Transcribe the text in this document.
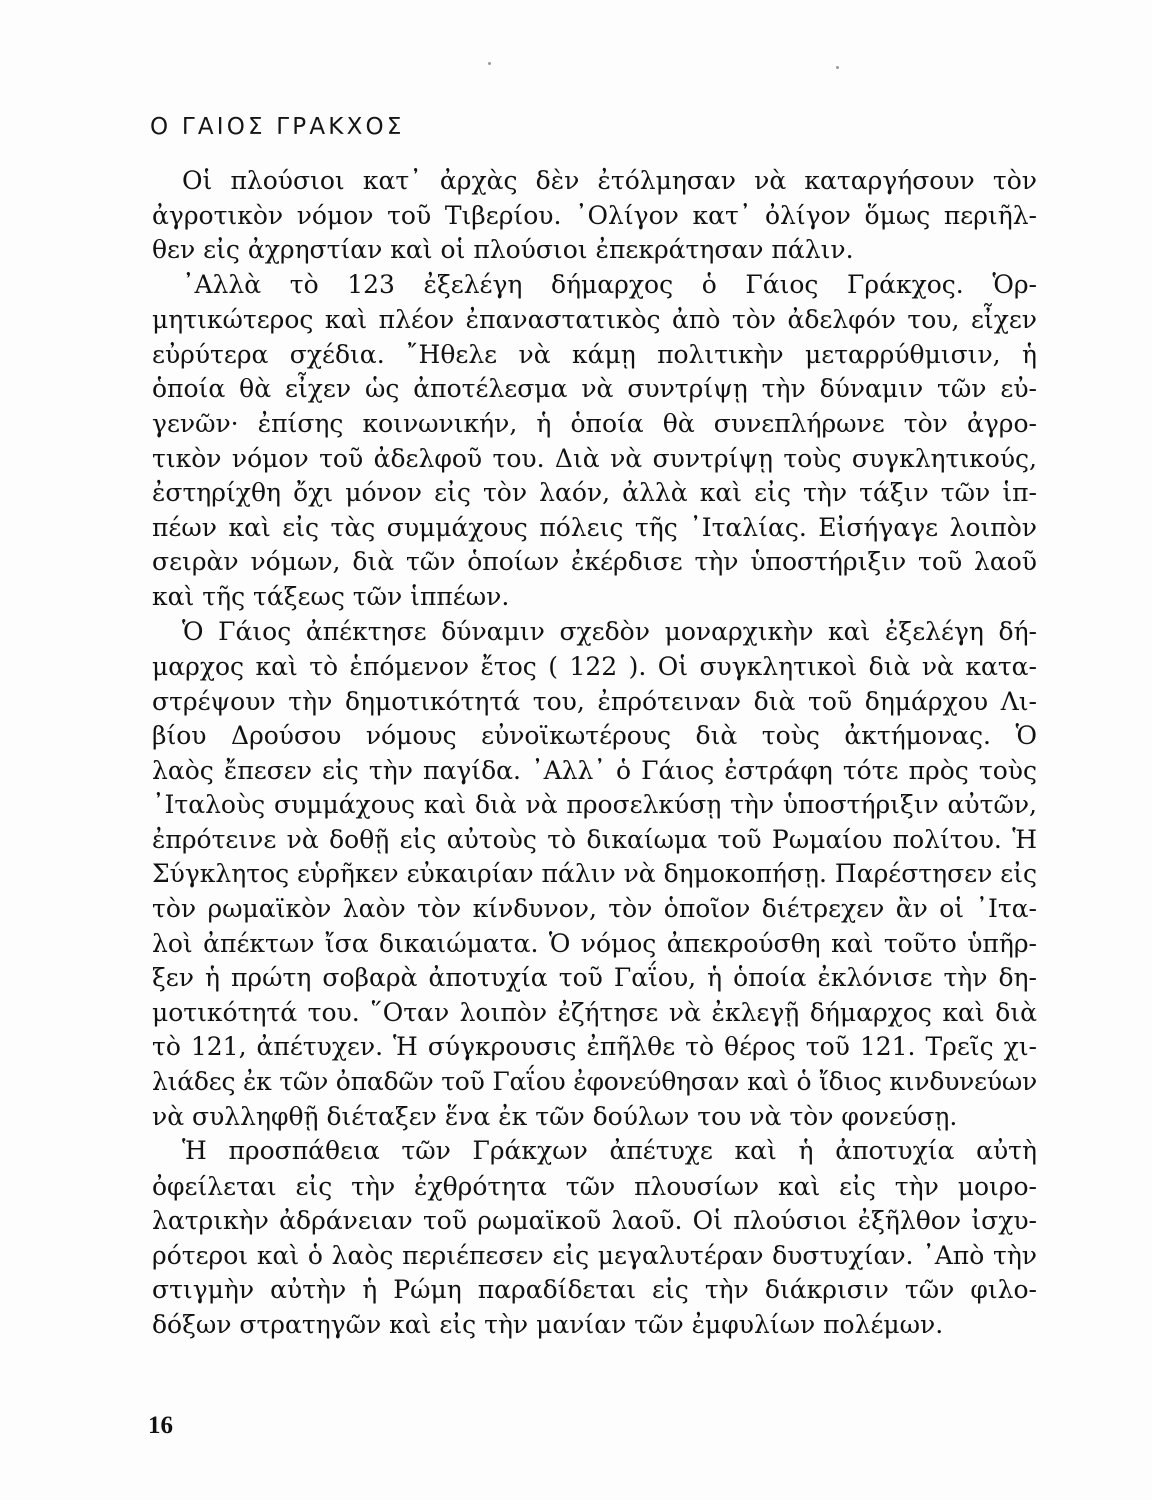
Ο ΓΑΙΟΣ ΓΡΑΚΧΟΣ
Οἱ πλούσιοι κατ᾽ ἀρχὰς δὲν ἐτόλμησαν νὰ καταργήσουν τὸν
ἀγροτικὸν νόμον τοῦ Τιβερίου. ᾽Ολίγον κατ᾽ ὀλίγον ὅμως περιῆλ-
θεν εἰς ἀχρηστίαν καὶ οἱ πλούσιοι ἐπεκράτησαν πάλιν.
᾽Αλλὰ τὸ 123 ἐξελέγη δήμαρχος ὁ Γάιος Γράκχος. Ὁρ-
μητικώτερος καὶ πλέον ἐπαναστατικὸς ἀπὸ τὸν ἀδελφόν του, εἶχεν
εὐρύτερα σχέδια. ῎Ηθελε νὰ κάμῃ πολιτικὴν μεταρρύθμισιν, ἡ
ὁποία θὰ εἶχεν ὡς ἀποτέλεσμα νὰ συντρίψῃ τὴν δύναμιν τῶν εὐ-
γενῶν· ἐπίσης κοινωνικήν, ἡ ὁποία θὰ συνεπλήρωνε τὸν ἀγρο-
τικὸν νόμον τοῦ ἀδελφοῦ του. Διὰ νὰ συντρίψῃ τοὺς συγκλητικούς,
ἐστηρίχθη ὄχι μόνον εἰς τὸν λαόν, ἀλλὰ καὶ εἰς τὴν τάξιν τῶν ἱπ-
πέων καὶ εἰς τὰς συμμάχους πόλεις τῆς ᾽Ιταλίας. Εἰσήγαγε λοιπὸν
σειρὰν νόμων, διὰ τῶν ὁποίων ἐκέρδισε τὴν ὑποστήριξιν τοῦ λαοῦ
καὶ τῆς τάξεως τῶν ἱππέων.
Ὁ Γάιος ἀπέκτησε δύναμιν σχεδὸν μοναρχικὴν καὶ ἐξελέγη δή-
μαρχος καὶ τὸ ἑπόμενον ἔτος ( 122 ). Οἱ συγκλητικοὶ διὰ νὰ κατα-
στρέψουν τὴν δημοτικότητά του, ἐπρότειναν διὰ τοῦ δημάρχου Λι-
βίου Δρούσου νόμους εὐνοϊκωτέρους διὰ τοὺς ἀκτήμονας. Ὁ
λαὸς ἔπεσεν εἰς τὴν παγίδα. ᾽Αλλ᾽ ὁ Γάιος ἐστράφη τότε πρὸς τοὺς
᾽Ιταλοὺς συμμάχους καὶ διὰ νὰ προσελκύσῃ τὴν ὑποστήριξιν αὐτῶν,
ἐπρότεινε νὰ δοθῇ εἰς αὐτοὺς τὸ δικαίωμα τοῦ Ρωμαίου πολίτου. Ἡ
Σύγκλητος εὑρῆκεν εὐκαιρίαν πάλιν νὰ δημοκοπήσῃ. Παρέστησεν εἰς
τὸν ρωμαϊκὸν λαὸν τὸν κίνδυνον, τὸν ὁποῖον διέτρεχεν ἂν οἱ ᾽Ιτα-
λοὶ ἀπέκτων ἴσα δικαιώματα. Ὁ νόμος ἀπεκρούσθη καὶ τοῦτο ὑπῆρ-
ξεν ἡ πρώτη σοβαρὰ ἀποτυχία τοῦ Γαΐου, ἡ ὁποία ἐκλόνισε τὴν δη-
μοτικότητά του. ῞Οταν λοιπὸν ἐζήτησε νὰ ἐκλεγῇ δήμαρχος καὶ διὰ
τὸ 121, ἀπέτυχεν. Ἡ σύγκρουσις ἐπῆλθε τὸ θέρος τοῦ 121. Τρεῖς χι-
λιάδες ἐκ τῶν ὀπαδῶν τοῦ Γαΐου ἐφονεύθησαν καὶ ὁ ἴδιος κινδυνεύων
νὰ συλληφθῇ διέταξεν ἕνα ἐκ τῶν δούλων του νὰ τὸν φονεύσῃ.
Ἡ προσπάθεια τῶν Γράκχων ἀπέτυχε καὶ ἡ ἀποτυχία αὐτὴ
ὀφείλεται εἰς τὴν ἐχθρότητα τῶν πλουσίων καὶ εἰς τὴν μοιρο-
λατρικὴν ἀδράνειαν τοῦ ρωμαϊκοῦ λαοῦ. Οἱ πλούσιοι ἐξῆλθον ἰσχυ-
ρότεροι καὶ ὁ λαὸς περιέπεσεν εἰς μεγαλυτέραν δυστυχίαν. ᾽Απὸ τὴν
στιγμὴν αὐτὴν ἡ Ρώμη παραδίδεται εἰς τὴν διάκρισιν τῶν φιλο-
δόξων στρατηγῶν καὶ εἰς τὴν μανίαν τῶν ἐμφυλίων πολέμων.
16
